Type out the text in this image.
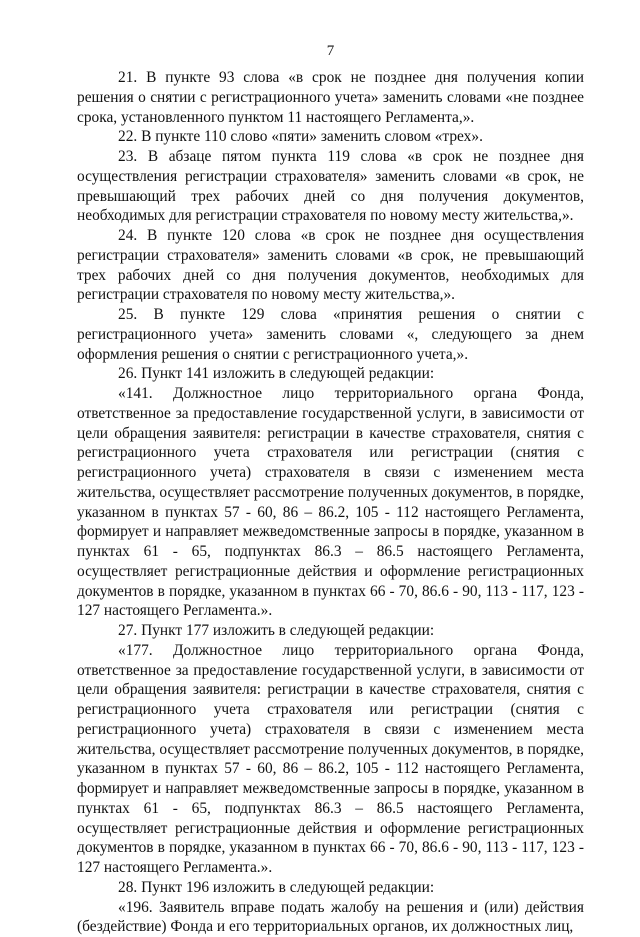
7

21. В пункте 93 слова «в срок не позднее дня получения копии решения о снятии с регистрационного учета» заменить словами «не позднее срока, установленного пунктом 11 настоящего Регламента,».

22. В пункте 110 слово «пяти» заменить словом «трех».

23. В абзаце пятом пункта 119 слова «в срок не позднее дня осуществления регистрации страхователя» заменить словами «в срок, не превышающий трех рабочих дней со дня получения документов, необходимых для регистрации страхователя по новому месту жительства,».

24. В пункте 120 слова «в срок не позднее дня осуществления регистрации страхователя» заменить словами «в срок, не превышающий трех рабочих дней со дня получения документов, необходимых для регистрации страхователя по новому месту жительства,».

25. В пункте 129 слова «принятия решения о снятии с регистрационного учета» заменить словами «, следующего за днем оформления решения о снятии с регистрационного учета,».

26. Пункт 141 изложить в следующей редакции:

«141. Должностное лицо территориального органа Фонда, ответственное за предоставление государственной услуги, в зависимости от цели обращения заявителя: регистрации в качестве страхователя, снятия с регистрационного учета страхователя или регистрации (снятия с регистрационного учета) страхователя в связи с изменением места жительства, осуществляет рассмотрение полученных документов, в порядке, указанном в пунктах 57 - 60, 86 – 86.2, 105 - 112 настоящего Регламента, формирует и направляет межведомственные запросы в порядке, указанном в пунктах 61 - 65, подпунктах 86.3 – 86.5 настоящего Регламента, осуществляет регистрационные действия и оформление регистрационных документов в порядке, указанном в пунктах 66 - 70, 86.6 - 90, 113 - 117, 123 - 127 настоящего Регламента.».

27. Пункт 177 изложить в следующей редакции:

«177. Должностное лицо территориального органа Фонда, ответственное за предоставление государственной услуги, в зависимости от цели обращения заявителя: регистрации в качестве страхователя, снятия с регистрационного учета страхователя или регистрации (снятия с регистрационного учета) страхователя в связи с изменением места жительства, осуществляет рассмотрение полученных документов, в порядке, указанном в пунктах 57 - 60, 86 – 86.2, 105 - 112 настоящего Регламента, формирует и направляет межведомственные запросы в порядке, указанном в пунктах 61 - 65, подпунктах 86.3 – 86.5 настоящего Регламента, осуществляет регистрационные действия и оформление регистрационных документов в порядке, указанном в пунктах 66 - 70, 86.6 - 90, 113 - 117, 123 - 127 настоящего Регламента.».

28. Пункт 196 изложить в следующей редакции:

«196. Заявитель вправе подать жалобу на решения и (или) действия (бездействие) Фонда и его территориальных органов, их должностных лиц,
